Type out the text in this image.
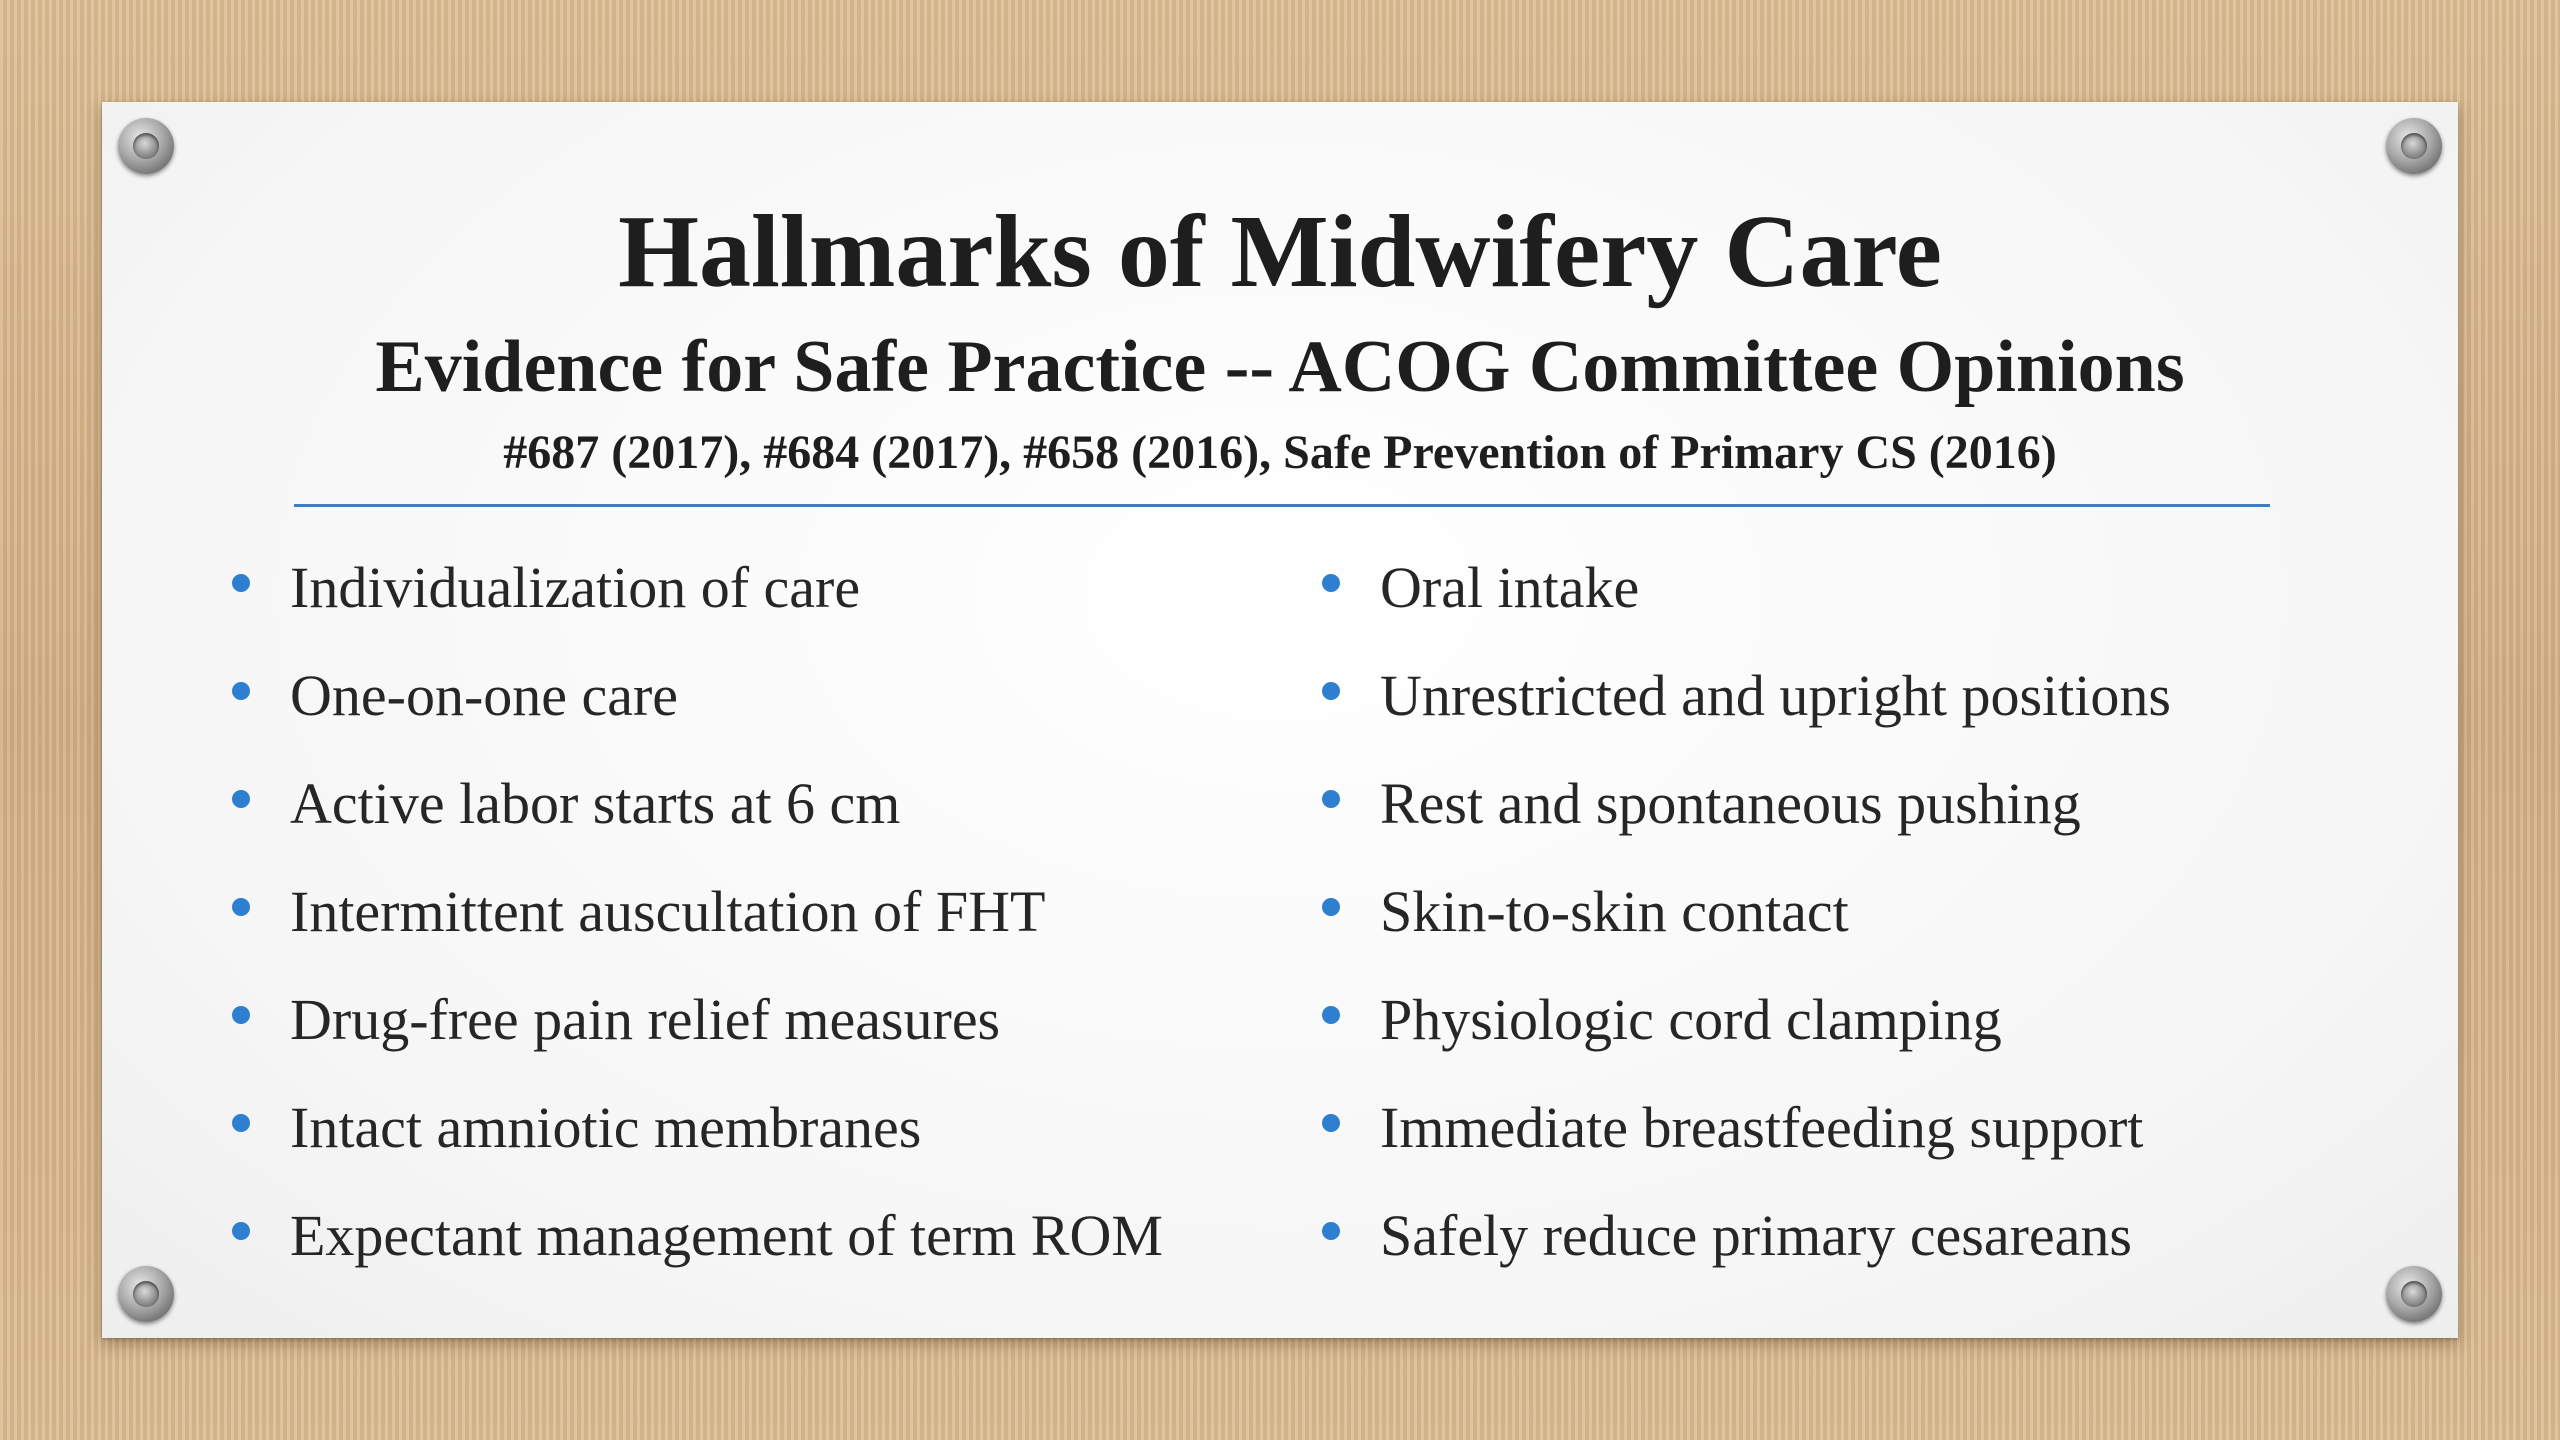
Hallmarks of Midwifery Care
Evidence for Safe Practice -- ACOG Committee Opinions

#687 (2017), #684 (2017), #658 (2016), Safe Prevention of Primary CS (2016)

Individualization of care
One-on-one care
Active labor starts at 6 cm
Intermittent auscultation of FHT
Drug-free pain relief measures
Intact amniotic membranes
Expectant management of term ROM
Oral intake
Unrestricted and upright positions
Rest and spontaneous pushing
Skin-to-skin contact
Physiologic cord clamping
Immediate breastfeeding support
Safely reduce primary cesareans
